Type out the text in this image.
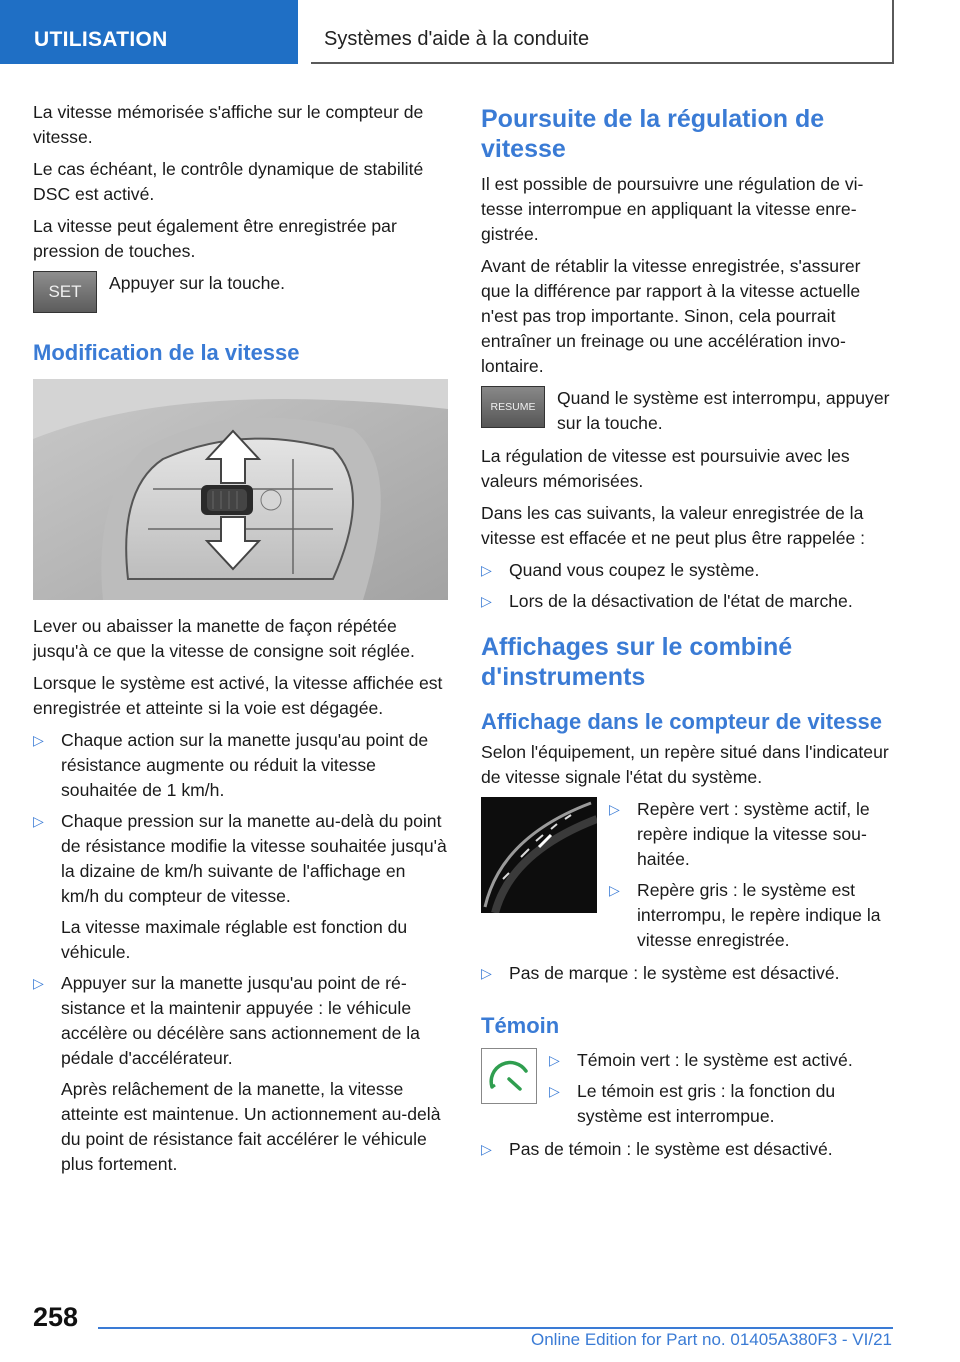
UTILISATION	Systèmes d'aide à la conduite

La vitesse mémorisée s'affiche sur le compteur de vitesse.

Le cas échéant, le contrôle dynamique de stabilité DSC est activé.

La vitesse peut également être enregistrée par pression de touches.

SET	Appuyer sur la touche.
Modification de la vitesse

Lever ou abaisser la manette de façon répétée jusqu'à ce que la vitesse de consigne soit réglée.

Lorsque le système est activé, la vitesse affichée est enregistrée et atteinte si la voie est dégagée.

▷ Chaque action sur la manette jusqu'au point de résistance augmente ou réduit la vitesse souhaitée de 1 km/h.
▷ Chaque pression sur la manette au-delà du point de résistance modifie la vitesse souhaitée jusqu'à la dizaine de km/h suivante de l'affichage en km/h du compteur de vitesse.
La vitesse maximale réglable est fonction du véhicule.
▷ Appuyer sur la manette jusqu'au point de résistance et la maintenir appuyée : le véhicule accélère ou décélère sans actionnement de la pédale d'accélérateur.
Après relâchement de la manette, la vitesse atteinte est maintenue. Un actionnement au-delà du point de résistance fait accélérer le véhicule plus fortement.
Poursuite de la régulation de vitesse

Il est possible de poursuivre une régulation de vitesse interrompue en appliquant la vitesse enregistrée.

Avant de rétablir la vitesse enregistrée, s'assurer que la différence par rapport à la vitesse actuelle n'est pas trop importante. Sinon, cela pourrait entraîner un freinage ou une accélération involontaire.

RESUME	Quand le système est interrompu, appuyer sur la touche.

La régulation de vitesse est poursuivie avec les valeurs mémorisées.

Dans les cas suivants, la valeur enregistrée de la vitesse est effacée et ne peut plus être rappelée :

▷ Quand vous coupez le système.
▷ Lors de la désactivation de l'état de marche.
Affichages sur le combiné d'instruments
Affichage dans le compteur de vitesse

Selon l'équipement, un repère situé dans l'indicateur de vitesse signale l'état du système.

▷ Repère vert : système actif, le repère indique la vitesse souhaitée.
▷ Repère gris : le système est interrompu, le repère indique la vitesse enregistrée.
▷ Pas de marque : le système est désactivé.
Témoin
▷ Témoin vert : le système est activé.
▷ Le témoin est gris : la fonction du système est interrompue.
▷ Pas de témoin : le système est désactivé.
258
Online Edition for Part no. 01405A380F3 - VI/21
